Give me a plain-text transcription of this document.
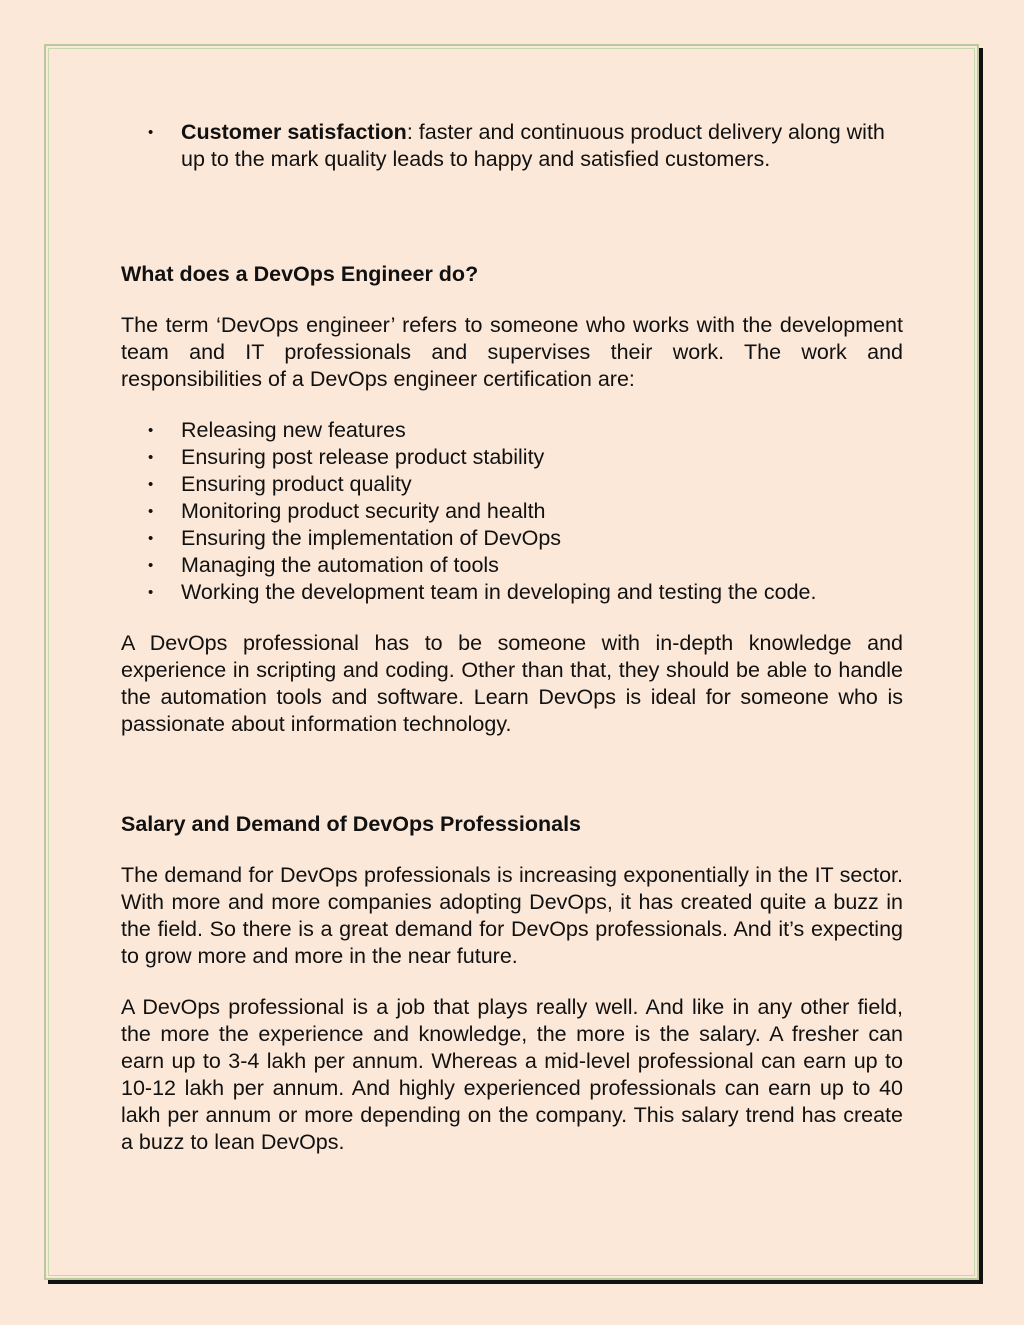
• Customer satisfaction: faster and continuous product delivery along with up to the mark quality leads to happy and satisfied customers.
What does a DevOps Engineer do?

The term ‘DevOps engineer’ refers to someone who works with the development team and IT professionals and supervises their work. The work and responsibilities of a DevOps engineer certification are:

• Releasing new features
• Ensuring post release product stability
• Ensuring product quality
• Monitoring product security and health
• Ensuring the implementation of DevOps
• Managing the automation of tools
• Working the development team in developing and testing the code.

A DevOps professional has to be someone with in-depth knowledge and experience in scripting and coding. Other than that, they should be able to handle the automation tools and software. Learn DevOps is ideal for someone who is passionate about information technology.

Salary and Demand of DevOps Professionals

The demand for DevOps professionals is increasing exponentially in the IT sector. With more and more companies adopting DevOps, it has created quite a buzz in the field. So there is a great demand for DevOps professionals. And it’s expecting to grow more and more in the near future.

A DevOps professional is a job that plays really well. And like in any other field, the more the experience and knowledge, the more is the salary. A fresher can earn up to 3-4 lakh per annum. Whereas a mid-level professional can earn up to 10-12 lakh per annum. And highly experienced professionals can earn up to 40 lakh per annum or more depending on the company. This salary trend has create a buzz to lean DevOps.
